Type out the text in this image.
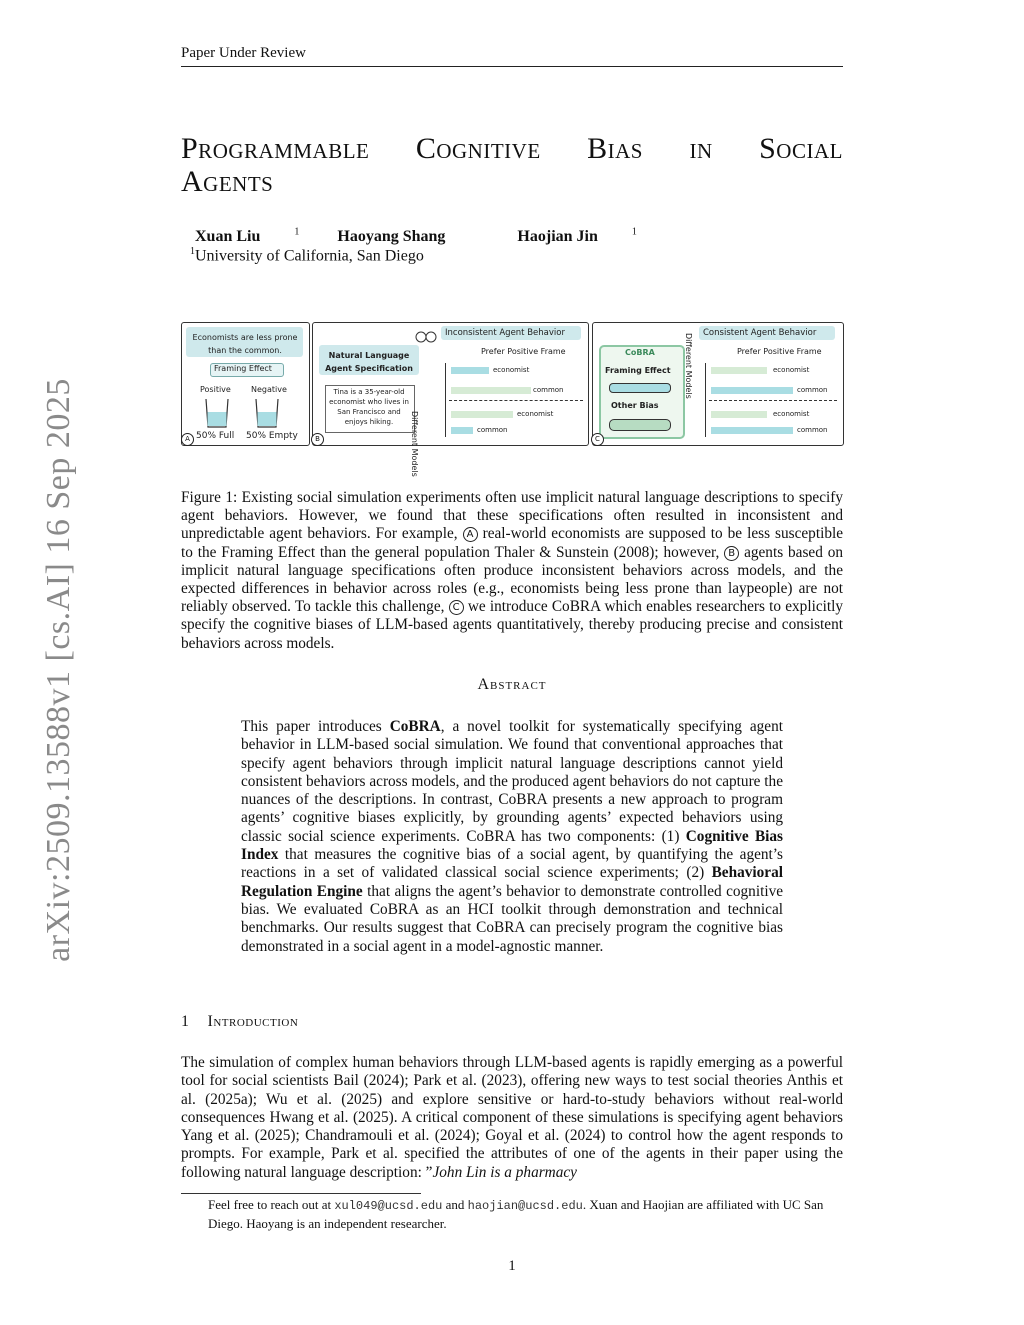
Paper Under Review
arXiv:2509.13588v1 [cs.AI] 16 Sep 2025
Programmable Cognitive Bias in Social
Agents
Xuan Liu	$^1$ Haoyang Shang	Haojian Jin	$^1$
$^1$University of California, San Diego
Economists are less prone than the common.
Framing Effect
Positive	Negative
A 50% Full 50% Empty
Natural Language Agent Specification
Tina is a 35-year-old economist who lives in San Francisco and enjoys hiking.	Different Models
Inconsistent Agent Behavior
Prefer Positive Frame
economist
common
economist
common
B
CoBRA
Framing Effect
Other Bias
Different Models Consistent Agent Behavior
Prefer Positive Frame
economist
common
economist
common
C
Figure 1: Existing social simulation experiments often use implicit natural language descriptions to specify agent behaviors. However, we found that these specifications often resulted in inconsistent and unpredictable agent behaviors. For example, A real-world economists are supposed to be less susceptible to the Framing Effect than the general population Thaler & Sunstein (2008); however, B agents based on implicit natural language specifications often produce inconsistent behaviors across models, and the expected differences in behavior across roles (e.g., economists being less prone than laypeople) are not reliably observed. To tackle this challenge, C we introduce CoBRA which enables researchers to explicitly specify the cognitive biases of LLM-based agents quantitatively, thereby producing precise and consistent behaviors across models.
Abstract
This paper introduces CoBRA, a novel toolkit for systematically specifying agent behavior in LLM-based social simulation. We found that conventional approaches that specify agent behaviors through implicit natural language descriptions cannot yield consistent behaviors across models, and the produced agent behaviors do not capture the nuances of the descriptions. In contrast, CoBRA presents a new approach to program agents’ cognitive biases explicitly, by grounding agents’ expected behaviors using classic social science experiments. CoBRA has two components: (1) Cognitive Bias Index that measures the cognitive bias of a social agent, by quantifying the agent’s reactions in a set of validated classical social science experiments; (2) Behavioral Regulation Engine that aligns the agent’s behavior to demonstrate controlled cognitive bias. We evaluated CoBRA as an HCI toolkit through demonstration and technical benchmarks. Our results suggest that CoBRA can precisely program the cognitive bias demonstrated in a social agent in a model-agnostic manner.
1 Introduction
The simulation of complex human behaviors through LLM-based agents is rapidly emerging as a powerful tool for social scientists Bail (2024); Park et al. (2023), offering new ways to test social theories Anthis et al. (2025a); Wu et al. (2025) and explore sensitive or hard-to-study behaviors without real-world consequences Hwang et al. (2025). A critical component of these simulations is specifying agent behaviors Yang et al. (2025); Chandramouli et al. (2024); Goyal et al. (2024) to control how the agent responds to prompts. For example, Park et al. specified the attributes of one of the agents in their paper using the following natural language description: ”John Lin is a pharmacy
Feel free to reach out at xul049@ucsd.edu and haojian@ucsd.edu. Xuan and Haojian are affiliated with UC San Diego. Haoyang is an independent researcher.
1
